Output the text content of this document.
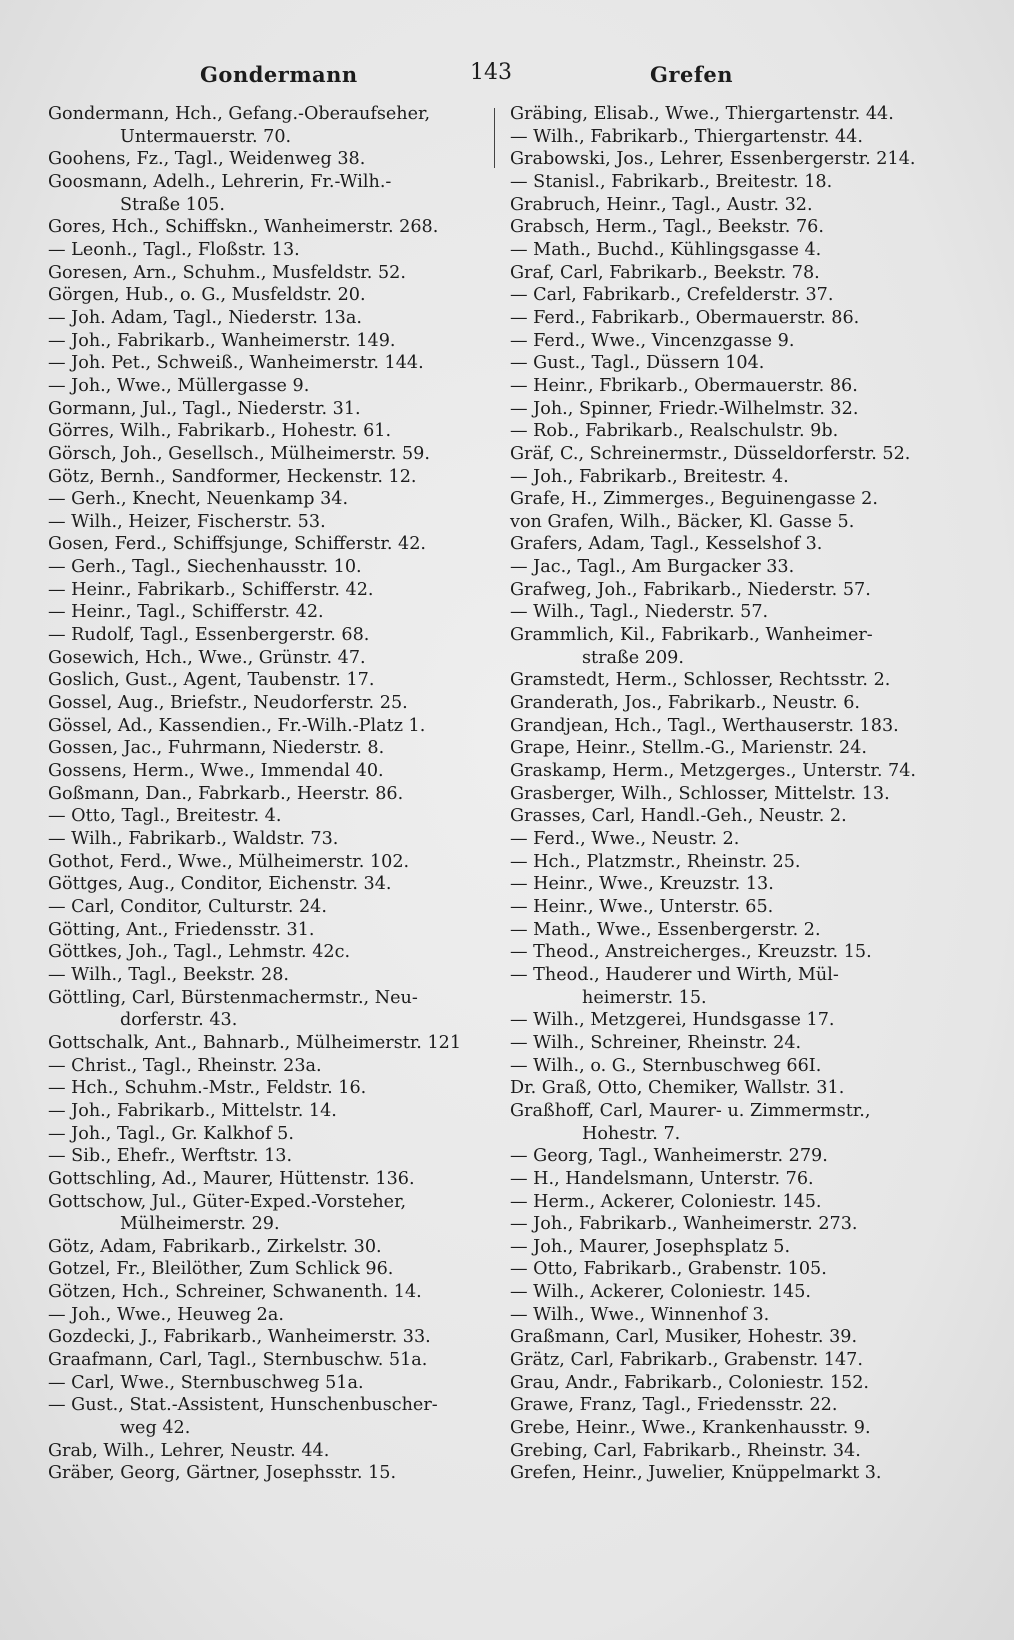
Gondermann	143	Grefen
Gondermann, Hch., Gefang.-Oberaufseher,
Untermauerstr. 70.
Goohens, Fz., Tagl., Weidenweg 38.
Goosmann, Adelh., Lehrerin, Fr.-Wilh.-
Straße 105.
Gores, Hch., Schiffskn., Wanheimerstr. 268.
— Leonh., Tagl., Floßstr. 13.
Goresen, Arn., Schuhm., Musfeldstr. 52.
Görgen, Hub., o. G., Musfeldstr. 20.
— Joh. Adam, Tagl., Niederstr. 13a.
— Joh., Fabrikarb., Wanheimerstr. 149.
— Joh. Pet., Schweiß., Wanheimerstr. 144.
— Joh., Wwe., Müllergasse 9.
Gormann, Jul., Tagl., Niederstr. 31.
Görres, Wilh., Fabrikarb., Hohestr. 61.
Görsch, Joh., Gesellsch., Mülheimerstr. 59.
Götz, Bernh., Sandformer, Heckenstr. 12.
— Gerh., Knecht, Neuenkamp 34.
— Wilh., Heizer, Fischerstr. 53.
Gosen, Ferd., Schiffsjunge, Schifferstr. 42.
— Gerh., Tagl., Siechenhausstr. 10.
— Heinr., Fabrikarb., Schifferstr. 42.
— Heinr., Tagl., Schifferstr. 42.
— Rudolf, Tagl., Essenbergerstr. 68.
Gosewich, Hch., Wwe., Grünstr. 47.
Goslich, Gust., Agent, Taubenstr. 17.
Gossel, Aug., Briefstr., Neudorferstr. 25.
Gössel, Ad., Kassendien., Fr.-Wilh.-Platz 1.
Gossen, Jac., Fuhrmann, Niederstr. 8.
Gossens, Herm., Wwe., Immendal 40.
Goßmann, Dan., Fabrkarb., Heerstr. 86.
— Otto, Tagl., Breitestr. 4.
— Wilh., Fabrikarb., Waldstr. 73.
Gothot, Ferd., Wwe., Mülheimerstr. 102.
Göttges, Aug., Conditor, Eichenstr. 34.
— Carl, Conditor, Culturstr. 24.
Götting, Ant., Friedensstr. 31.
Göttkes, Joh., Tagl., Lehmstr. 42c.
— Wilh., Tagl., Beekstr. 28.
Göttling, Carl, Bürstenmachermstr., Neu-
dorferstr. 43.
Gottschalk, Ant., Bahnarb., Mülheimerstr. 121
— Christ., Tagl., Rheinstr. 23a.
— Hch., Schuhm.-Mstr., Feldstr. 16.
— Joh., Fabrikarb., Mittelstr. 14.
— Joh., Tagl., Gr. Kalkhof 5.
— Sib., Ehefr., Werftstr. 13.
Gottschling, Ad., Maurer, Hüttenstr. 136.
Gottschow, Jul., Güter-Exped.-Vorsteher,
Mülheimerstr. 29.
Götz, Adam, Fabrikarb., Zirkelstr. 30.
Gotzel, Fr., Bleilöther, Zum Schlick 96.
Götzen, Hch., Schreiner, Schwanenth. 14.
— Joh., Wwe., Heuweg 2a.
Gozdecki, J., Fabrikarb., Wanheimerstr. 33.
Graafmann, Carl, Tagl., Sternbuschw. 51a.
— Carl, Wwe., Sternbuschweg 51a.
— Gust., Stat.-Assistent, Hunschenbuscher-
weg 42.
Grab, Wilh., Lehrer, Neustr. 44.
Gräber, Georg, Gärtner, Josephsstr. 15.
Gräbing, Elisab., Wwe., Thiergartenstr. 44.
— Wilh., Fabrikarb., Thiergartenstr. 44.
Grabowski, Jos., Lehrer, Essenbergerstr. 214.
— Stanisl., Fabrikarb., Breitestr. 18.
Grabruch, Heinr., Tagl., Austr. 32.
Grabsch, Herm., Tagl., Beekstr. 76.
— Math., Buchd., Kühlingsgasse 4.
Graf, Carl, Fabrikarb., Beekstr. 78.
— Carl, Fabrikarb., Crefelderstr. 37.
— Ferd., Fabrikarb., Obermauerstr. 86.
— Ferd., Wwe., Vincenzgasse 9.
— Gust., Tagl., Düssern 104.
— Heinr., Fbrikarb., Obermauerstr. 86.
— Joh., Spinner, Friedr.-Wilhelmstr. 32.
— Rob., Fabrikarb., Realschulstr. 9b.
Gräf, C., Schreinermstr., Düsseldorferstr. 52.
— Joh., Fabrikarb., Breitestr. 4.
Grafe, H., Zimmerges., Beguinengasse 2.
von Grafen, Wilh., Bäcker, Kl. Gasse 5.
Grafers, Adam, Tagl., Kesselshof 3.
— Jac., Tagl., Am Burgacker 33.
Grafweg, Joh., Fabrikarb., Niederstr. 57.
— Wilh., Tagl., Niederstr. 57.
Grammlich, Kil., Fabrikarb., Wanheimer-
straße 209.
Gramstedt, Herm., Schlosser, Rechtsstr. 2.
Granderath, Jos., Fabrikarb., Neustr. 6.
Grandjean, Hch., Tagl., Werthauserstr. 183.
Grape, Heinr., Stellm.-G., Marienstr. 24.
Graskamp, Herm., Metzgerges., Unterstr. 74.
Grasberger, Wilh., Schlosser, Mittelstr. 13.
Grasses, Carl, Handl.-Geh., Neustr. 2.
— Ferd., Wwe., Neustr. 2.
— Hch., Platzmstr., Rheinstr. 25.
— Heinr., Wwe., Kreuzstr. 13.
— Heinr., Wwe., Unterstr. 65.
— Math., Wwe., Essenbergerstr. 2.
— Theod., Anstreicherges., Kreuzstr. 15.
— Theod., Hauderer und Wirth, Mül-
heimerstr. 15.
— Wilh., Metzgerei, Hundsgasse 17.
— Wilh., Schreiner, Rheinstr. 24.
— Wilh., o. G., Sternbuschweg 66I.
Dr. Graß, Otto, Chemiker, Wallstr. 31.
Graßhoff, Carl, Maurer- u. Zimmermstr.,
Hohestr. 7.
— Georg, Tagl., Wanheimerstr. 279.
— H., Handelsmann, Unterstr. 76.
— Herm., Ackerer, Coloniestr. 145.
— Joh., Fabrikarb., Wanheimerstr. 273.
— Joh., Maurer, Josephsplatz 5.
— Otto, Fabrikarb., Grabenstr. 105.
— Wilh., Ackerer, Coloniestr. 145.
— Wilh., Wwe., Winnenhof 3.
Graßmann, Carl, Musiker, Hohestr. 39.
Grätz, Carl, Fabrikarb., Grabenstr. 147.
Grau, Andr., Fabrikarb., Coloniestr. 152.
Grawe, Franz, Tagl., Friedensstr. 22.
Grebe, Heinr., Wwe., Krankenhausstr. 9.
Grebing, Carl, Fabrikarb., Rheinstr. 34.
Grefen, Heinr., Juwelier, Knüppelmarkt 3.
